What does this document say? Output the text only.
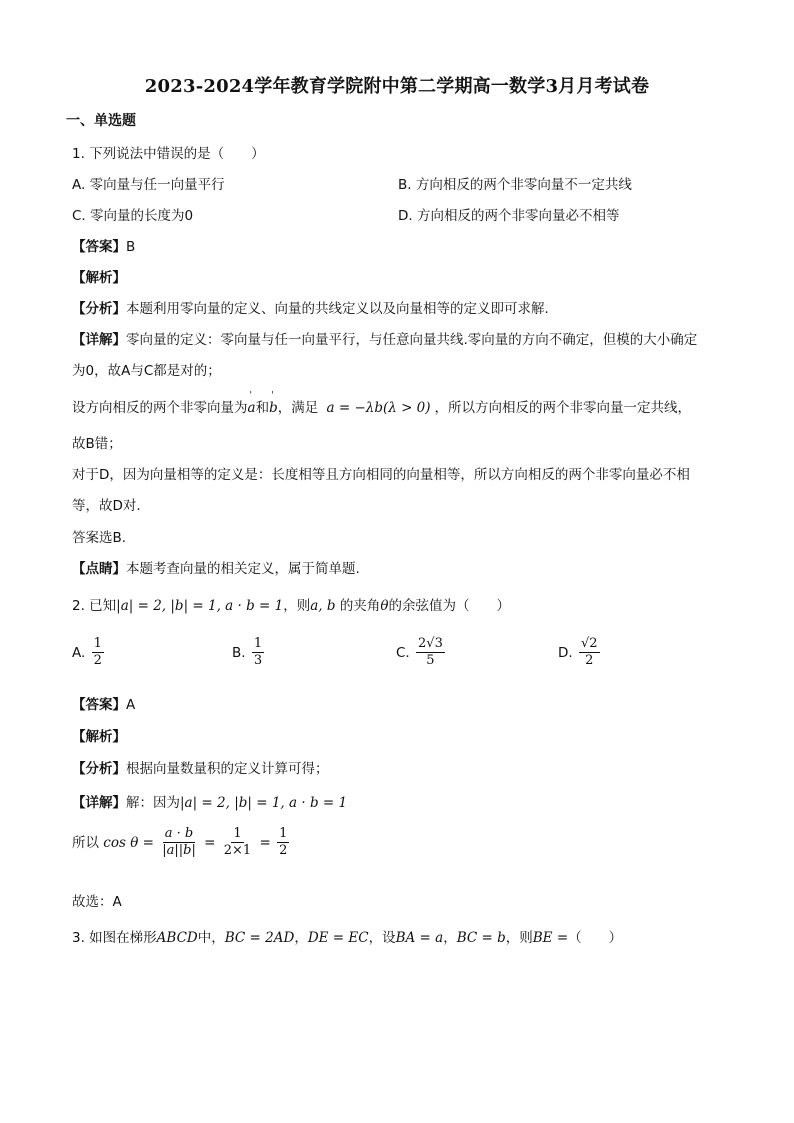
2023-2024学年教育学院附中第二学期高一数学3月月考试卷
一、单选题
1. 下列说法中错误的是（　　）
A. 零向量与任一向量平行	B. 方向相反的两个非零向量不一定共线
C. 零向量的长度为0	D. 方向相反的两个非零向量必不相等
【答案】B
【解析】
【分析】本题利用零向量的定义、向量的共线定义以及向量相等的定义即可求解.
【详解】零向量的定义：零向量与任一向量平行，与任意向量共线.零向量的方向不确定，但模的大小确定
为0，故A与C都是对的；
设方向相反的两个非零向量为' a和' b，满足 a = −λb(λ > 0) ，所以方向相反的两个非零向量一定共线，
故B错；
对于D，因为向量相等的定义是：长度相等且方向相同的向量相等，所以方向相反的两个非零向量必不相
等，故D对.
答案选B.
【点睛】本题考查向量的相关定义，属于简单题.
2. 已知|a| = 2, |b| = 1, a · b = 1，则a, b 的夹角θ的余弦值为（　　）
A. $\frac{1}{2}$	B. $\frac{1}{3}$	C. $\frac{2√3}{5}$	D. $\frac{√2}{2}$
【答案】A
【解析】
【分析】根据向量数量积的定义计算可得；
【详解】解：因为|a| = 2, |b| = 1, a · b = 1
所以 $\cos \theta = \frac{a \cdot b}{|a||b|} = \frac{1}{2\times 1} = \frac{1}{2}$
故选：A
3. 如图在梯形ABCD中，BC = 2AD，DE = EC，设BA = a，BC = b，则BE =（　　）
